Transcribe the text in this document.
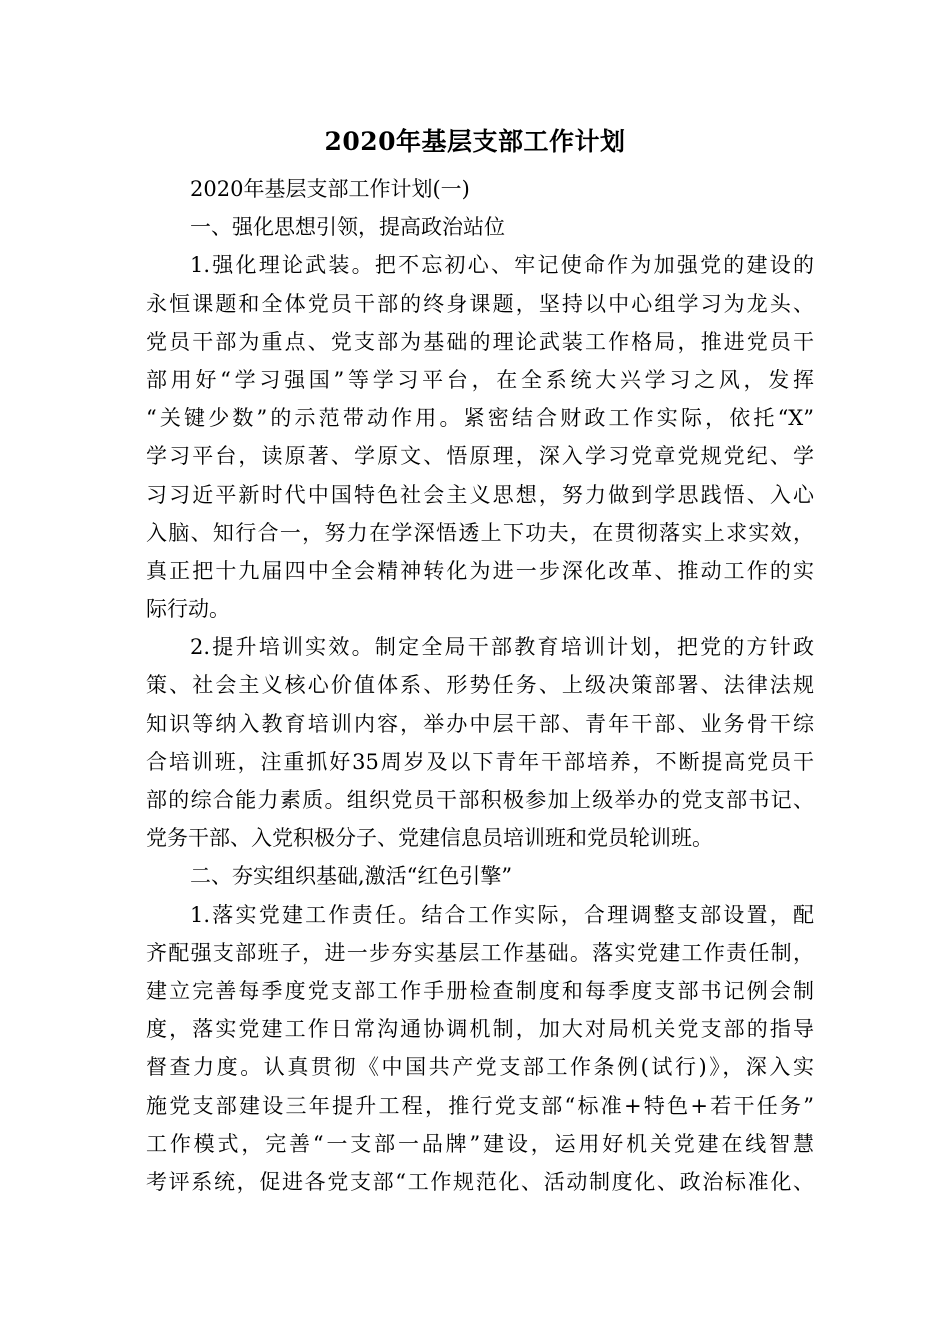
2020年基层支部工作计划
2020年基层支部工作计划(一)
一、强化思想引领，提高政治站位
1.强化理论武装。把不忘初心、牢记使命作为加强党的建设的
永恒课题和全体党员干部的终身课题，坚持以中心组学习为龙头、
党员干部为重点、党支部为基础的理论武装工作格局，推进党员干
部用好“学习强国”等学习平台，在全系统大兴学习之风，发挥
“关键少数”的示范带动作用。紧密结合财政工作实际，依托“X”
学习平台，读原著、学原文、悟原理，深入学习党章党规党纪、学
习习近平新时代中国特色社会主义思想，努力做到学思践悟、入心
入脑、知行合一，努力在学深悟透上下功夫，在贯彻落实上求实效，
真正把十九届四中全会精神转化为进一步深化改革、推动工作的实
际行动。
2.提升培训实效。制定全局干部教育培训计划，把党的方针政
策、社会主义核心价值体系、形势任务、上级决策部署、法律法规
知识等纳入教育培训内容，举办中层干部、青年干部、业务骨干综
合培训班，注重抓好35周岁及以下青年干部培养，不断提高党员干
部的综合能力素质。组织党员干部积极参加上级举办的党支部书记、
党务干部、入党积极分子、党建信息员培训班和党员轮训班。
二、夯实组织基础,激活“红色引擎”
1.落实党建工作责任。结合工作实际，合理调整支部设置，配
齐配强支部班子，进一步夯实基层工作基础。落实党建工作责任制，
建立完善每季度党支部工作手册检查制度和每季度支部书记例会制
度，落实党建工作日常沟通协调机制，加大对局机关党支部的指导
督查力度。认真贯彻《中国共产党支部工作条例(试行)》，深入实
施党支部建设三年提升工程，推行党支部“标准+特色+若干任务”
工作模式，完善“一支部一品牌”建设，运用好机关党建在线智慧
考评系统，促进各党支部“工作规范化、活动制度化、政治标准化、
